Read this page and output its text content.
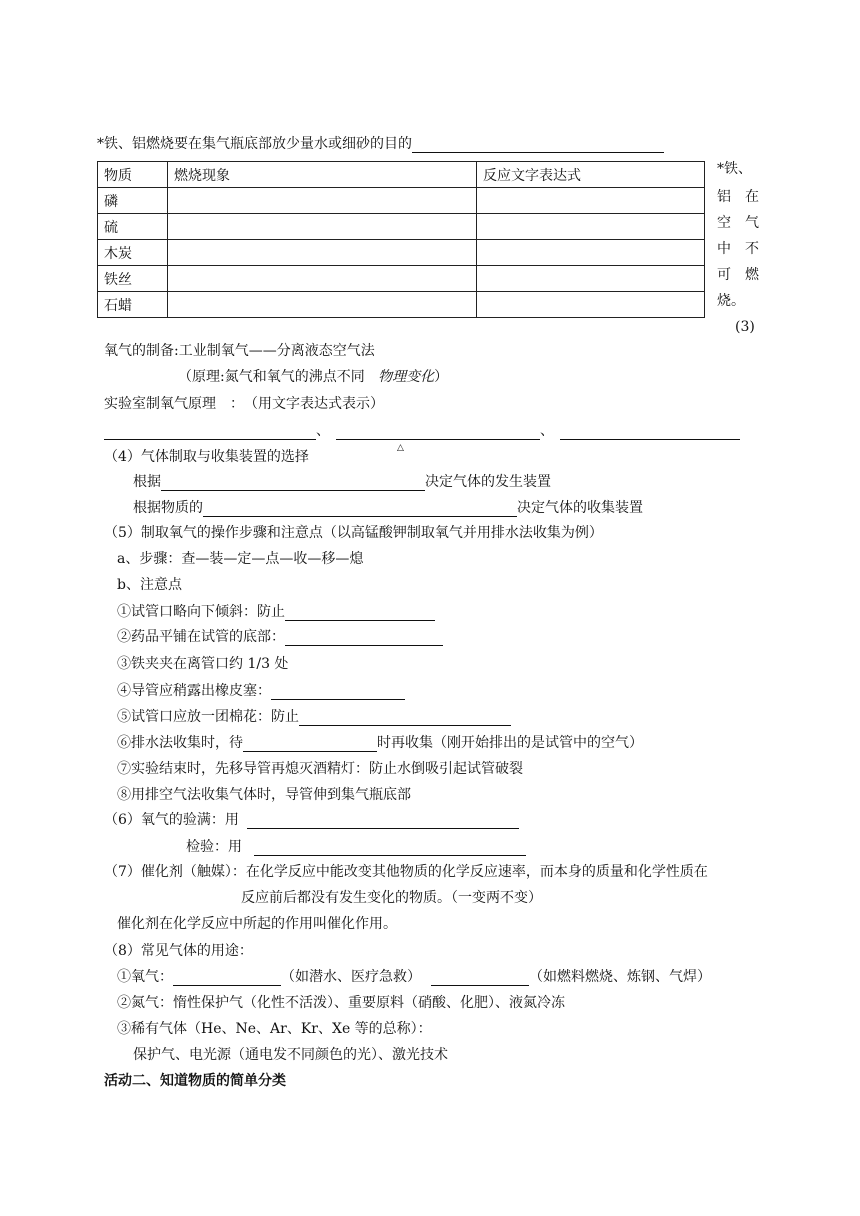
*铁、铝燃烧要在集气瓶底部放少量水或细砂的目的
物质	燃烧现象	反应文字表达式
磷		
硫		
木炭		
铁丝		
石蜡		
*铁、
铝　在
空　气
中　不
可　燃
烧。
(3)
氧气的制备:工业制氧气——分离液态空气法
（原理:氮气和氧气的沸点不同 物理变化）
实验室制氧气原理　：　（用文字表达式表示）
、	、
△
（4）气体制取与收集装置的选择
根据	决定气体的发生装置
根据物质的	决定气体的收集装置
（5）制取氧气的操作步骤和注意点（以高锰酸钾制取氧气并用排水法收集为例）
a、步骤：查—装—定—点—收—移—熄
b、注意点
①试管口略向下倾斜：防止
②药品平铺在试管的底部：
③铁夹夹在离管口约 1/3 处
④导管应稍露出橡皮塞：
⑤试管口应放一团棉花：防止
⑥排水法收集时，待	时再收集（刚开始排出的是试管中的空气）
⑦实验结束时，先移导管再熄灭酒精灯：防止水倒吸引起试管破裂
⑧用排空气法收集气体时，导管伸到集气瓶底部
（6）氧气的验满：用
检验：用
（7）催化剂（触媒）：在化学反应中能改变其他物质的化学反应速率，而本身的质量和化学性质在
反应前后都没有发生变化的物质。（一变两不变）
催化剂在化学反应中所起的作用叫催化作用。
（8）常见气体的用途：
①氧气：	（如潜水、医疗急救）	（如燃料燃烧、炼钢、气焊）
②氮气：惰性保护气（化性不活泼）、重要原料（硝酸、化肥）、液氮冷冻
③稀有气体（He、Ne、Ar、Kr、Xe 等的总称）：
保护气、电光源（通电发不同颜色的光）、激光技术
活动二、知道物质的简单分类
